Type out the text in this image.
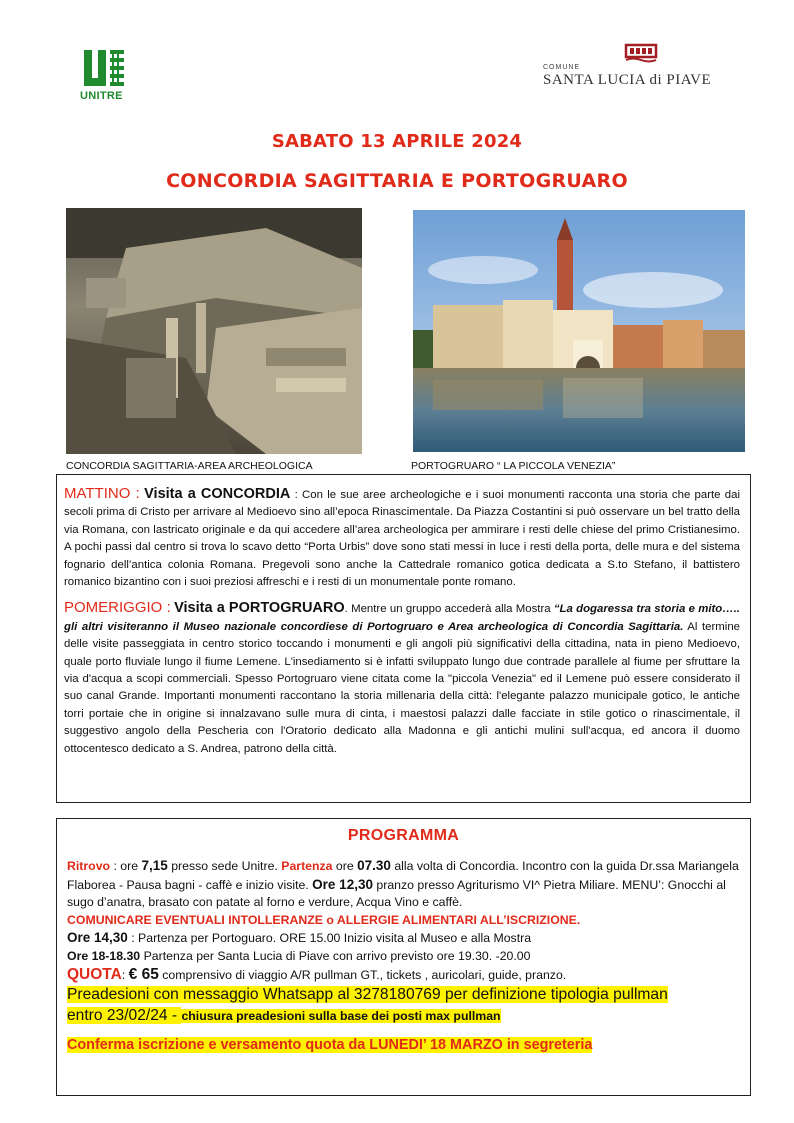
UNITRE
COMUNE
SANTA LUCIA di PIAVE
SABATO 13 APRILE 2024
CONCORDIA SAGITTARIA E PORTOGRUARO
CONCORDIA SAGITTARIA-AREA ARCHEOLOGICA	PORTOGRUARO “ LA PICCOLA VENEZIA”
MATTINO : Visita a CONCORDIA : Con le sue aree archeologiche e i suoi monumenti racconta una storia che parte dai secoli prima di Cristo per arrivare al Medioevo sino all’epoca Rinascimentale. Da Piazza Costantini si può osservare un bel tratto della via Romana, con lastricato originale e da qui accedere all’area archeologica per ammirare i resti delle chiese del primo Cristianesimo. A pochi passi dal centro si trova lo scavo detto “Porta Urbis” dove sono stati messi in luce i resti della porta, delle mura e del sistema fognario dell’antica colonia Romana. Pregevoli sono anche la Cattedrale romanico gotica dedicata a S.to Stefano, il battistero romanico bizantino con i suoi preziosi affreschi e i resti di un monumentale ponte romano.
POMERIGGIO : Visita a PORTOGRUARO. Mentre un gruppo accederà alla Mostra “La dogaressa tra storia e mito….. gli altri visiteranno il Museo nazionale concordiese di Portogruaro e Area archeologica di Concordia Sagittaria. Al termine delle visite passeggiata in centro storico toccando i monumenti e gli angoli più significativi della cittadina, nata in pieno Medioevo, quale porto fluviale lungo il fiume Lemene. L'insediamento si è infatti sviluppato lungo due contrade parallele al fiume per sfruttare la via d'acqua a scopi commerciali. Spesso Portogruaro viene citata come la "piccola Venezia" ed il Lemene può essere considerato il suo canal Grande. Importanti monumenti raccontano la storia millenaria della città: l'elegante palazzo municipale gotico, le antiche torri portaie che in origine si innalzavano sulle mura di cinta, i maestosi palazzi dalle facciate in stile gotico o rinascimentale, il suggestivo angolo della Pescheria con l'Oratorio dedicato alla Madonna e gli antichi mulini sull'acqua, ed ancora il duomo ottocentesco dedicato a S. Andrea, patrono della città.
PROGRAMMA
Ritrovo : ore 7,15 presso sede Unitre. Partenza ore 07.30 alla volta di Concordia. Incontro con la guida Dr.ssa Mariangela Flaborea - Pausa bagni - caffè e inizio visite. Ore 12,30 pranzo presso Agriturismo VI^ Pietra Miliare. MENU’: Gnocchi al sugo d’anatra, brasato con patate al forno e verdure, Acqua Vino e caffè.
COMUNICARE EVENTUALI INTOLLERANZE o ALLERGIE ALIMENTARI ALL’ISCRIZIONE.
Ore 14,30 : Partenza per Portoguaro. ORE 15.00 Inizio visita al Museo e alla Mostra
Ore 18-18.30 Partenza per Santa Lucia di Piave con arrivo previsto ore 19.30. -20.00
QUOTA: € 65 comprensivo di viaggio A/R pullman GT., tickets , auricolari, guide, pranzo.
Preadesioni con messaggio Whatsapp al 3278180769 per definizione tipologia pullman
entro 23/02/24 - chiusura preadesioni sulla base dei posti max pullman
Conferma iscrizione e versamento quota da LUNEDI’ 18 MARZO in segreteria
